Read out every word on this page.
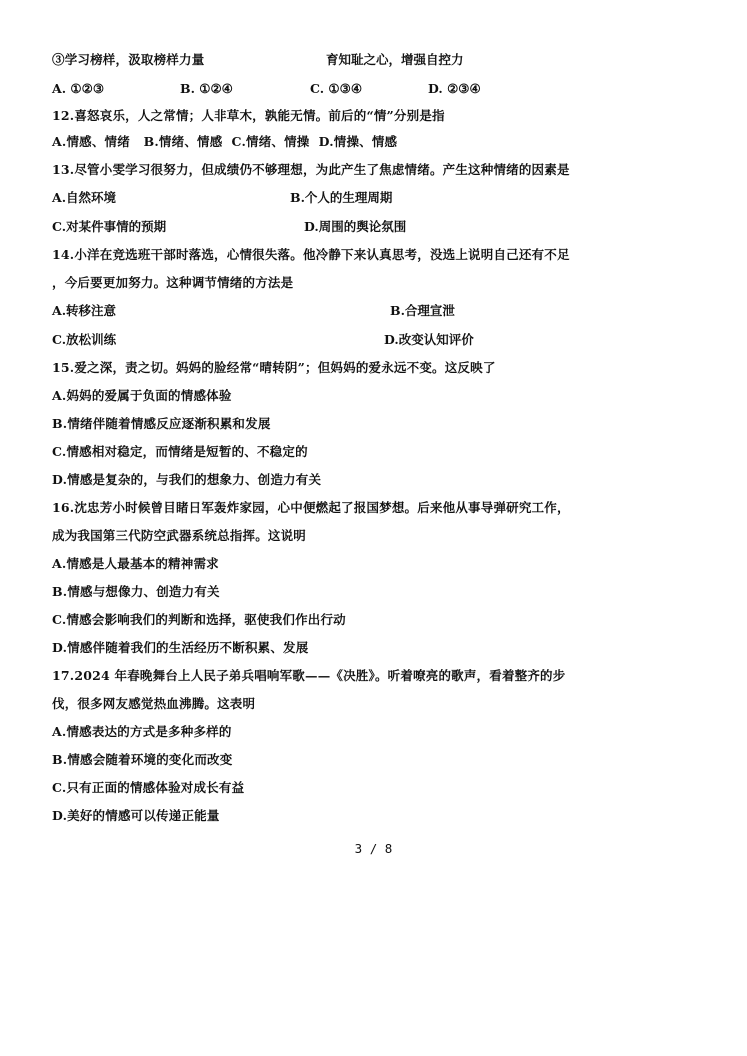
③学习榜样，汲取榜样力量	育知耻之心，增强自控力
A. ①②③	B. ①②④	C. ①③④	D. ②③④
12.喜怒哀乐，人之常情；人非草木，孰能无情。前后的“情”分别是指
A.情感、情绪   B.情绪、情感  C.情绪、情操  D.情操、情感
13.尽管小雯学习很努力，但成绩仍不够理想，为此产生了焦虑情绪。产生这种情绪的因素是
A.自然环境	B.个人的生理周期
C.对某件事情的预期	D.周围的舆论氛围
14.小洋在竞选班干部时落选，心情很失落。他冷静下来认真思考，没选上说明自己还有不足
，今后要更加努力。这种调节情绪的方法是
A.转移注意	B.合理宣泄
C.放松训练	D.改变认知评价
15.爱之深，责之切。妈妈的脸经常“晴转阴”；但妈妈的爱永远不变。这反映了
A.妈妈的爱属于负面的情感体验
B.情绪伴随着情感反应逐渐积累和发展
C.情感相对稳定，而情绪是短暂的、不稳定的
D.情感是复杂的，与我们的想象力、创造力有关
16.沈忠芳小时候曾目睹日军轰炸家园，心中便燃起了报国梦想。后来他从事导弹研究工作，
成为我国第三代防空武器系统总指挥。这说明
A.情感是人最基本的精神需求
B.情感与想像力、创造力有关
C.情感会影响我们的判断和选择，驱使我们作出行动
D.情感伴随着我们的生活经历不断积累、发展
17.2024 年春晚舞台上人民子弟兵唱响军歌——《决胜》。听着嘹亮的歌声，看着整齐的步
伐，很多网友感觉热血沸腾。这表明
A.情感表达的方式是多种多样的
B.情感会随着环境的变化而改变
C.只有正面的情感体验对成长有益
D.美好的情感可以传递正能量
3 / 8
